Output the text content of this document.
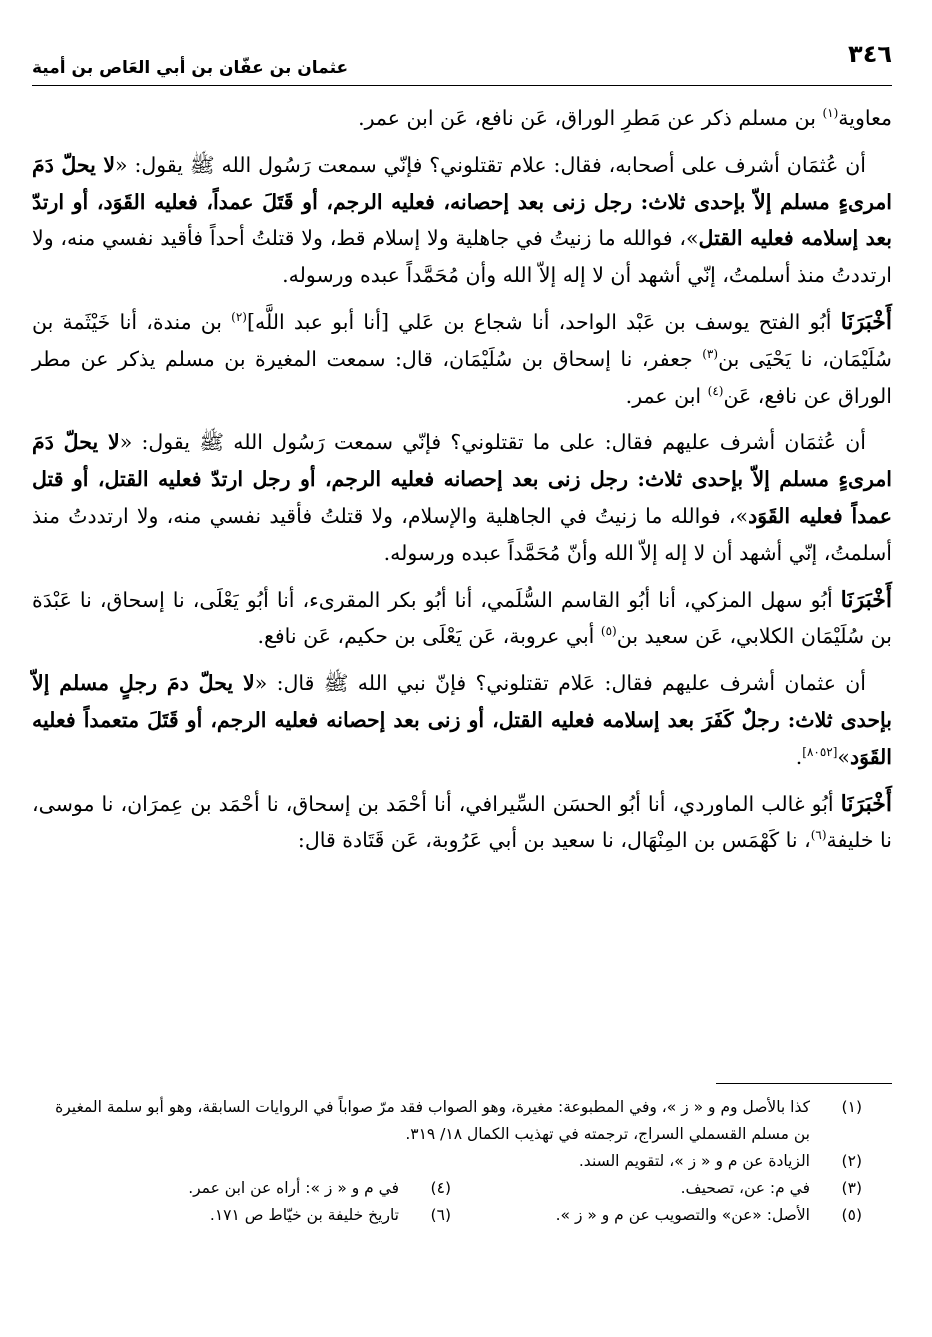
٣٤٦
عثمان بن عفّان بن أبي العَاص بن أمية

معاوية$^{(١)}$ بن مسلم ذكر عن مَطرِ الوراق، عَن نافع، عَن ابن عمر.

أن عُثمَان أشرف على أصحابه، فقال: علام تقتلوني؟ فإنّي سمعت رَسُول الله ﷺ يقول: «لا يحلّ دَمَ امرىءٍ مسلم إلاّ بإحدى ثلاث: رجل زنى بعد إحصانه، فعليه الرجم، أو قَتَلَ عمداً، فعليه القَوَد، أو ارتدّ بعد إسلامه فعليه القتل»، فوالله ما زنيتُ في جاهلية ولا إسلام قط، ولا قتلتُ أحداً فأقيد نفسي منه، ولا ارتددتُ منذ أسلمتُ، إنّي أشهد أن لا إله إلاّ الله وأن مُحَمَّداً عبده ورسوله.

أَخْبَرَنَا أبُو الفتح يوسف بن عَبْد الواحد، أنا شجاع بن عَلي [أنا أبو عبد اللَّه]$^{(٢)}$ بن مندة، أنا خَيْثَمة بن سُلَيْمَان، نا يَحْيَى بن$^{(٣)}$ جعفر، نا إسحاق بن سُلَيْمَان، قال: سمعت المغيرة بن مسلم يذكر عن مطر الوراق عن نافع، عَن$^{(٤)}$ ابن عمر.

أن عُثمَان أشرف عليهم فقال: على ما تقتلوني؟ فإنّي سمعت رَسُول الله ﷺ يقول: «لا يحلّ دَمَ امرىءٍ مسلم إلاّ بإحدى ثلاث: رجل زنى بعد إحصانه فعليه الرجم، أو رجل ارتدّ فعليه القتل، أو قتل عمداً فعليه القَوَد»، فوالله ما زنيتُ في الجاهلية والإسلام، ولا قتلتُ فأقيد نفسي منه، ولا ارتددتُ منذ أسلمتُ، إنّي أشهد أن لا إله إلاّ الله وأنّ مُحَمَّداً عبده ورسوله.

أَخْبَرَنَا أبُو سهل المزكي، أنا أبُو القاسم السُّلَمي، أنا أبُو بكر المقرىء، أنا أبُو يَعْلَى، نا إسحاق، نا عَبْدَة بن سُلَيْمَان الكلابي، عَن سعيد بن$^{(٥)}$ أبي عروبة، عَن يَعْلَى بن حكيم، عَن نافع.

أن عثمان أشرف عليهم فقال: عَلام تقتلوني؟ فإنّ نبي الله ﷺ قال: «لا يحلّ دمَ رجلٍ مسلم إلاّ بإحدى ثلاث: رجلٌ كَفَرَ بعد إسلامه فعليه القتل، أو زنى بعد إحصانه فعليه الرجم، أو قَتَلَ متعمداً فعليه القَوَد»[٨٠٥٢].

أَخْبَرَنَا أبُو غالب الماوردي، أنا أبُو الحسَن السِّيرافي، أنا أحْمَد بن إسحاق، نا أحْمَد بن عِمرَان، نا موسى، نا خليفة$^{(٦)}$، نا كَهْمَس بن المِنْهَال، نا سعيد بن أبي عَرُوبة، عَن قَتَادة قال:

(١)
كذا بالأصل وم و « ز »، وفي المطبوعة: مغيرة، وهو الصواب فقد مرّ صواباً في الروايات السابقة، وهو أبو سلمة المغيرة بن مسلم القسملي السراج، ترجمته في تهذيب الكمال ١٨/ ٣١٩.
(٢)
الزيادة عن م و « ز »، لتقويم السند.
(٣)
في م: عن، تصحيف.
(٤)
في م و « ز »: أراه عن ابن عمر.
(٥)
الأصل: «عن» والتصويب عن م و « ز ».
(٦)
تاريخ خليفة بن خيّاط ص ١٧١.
